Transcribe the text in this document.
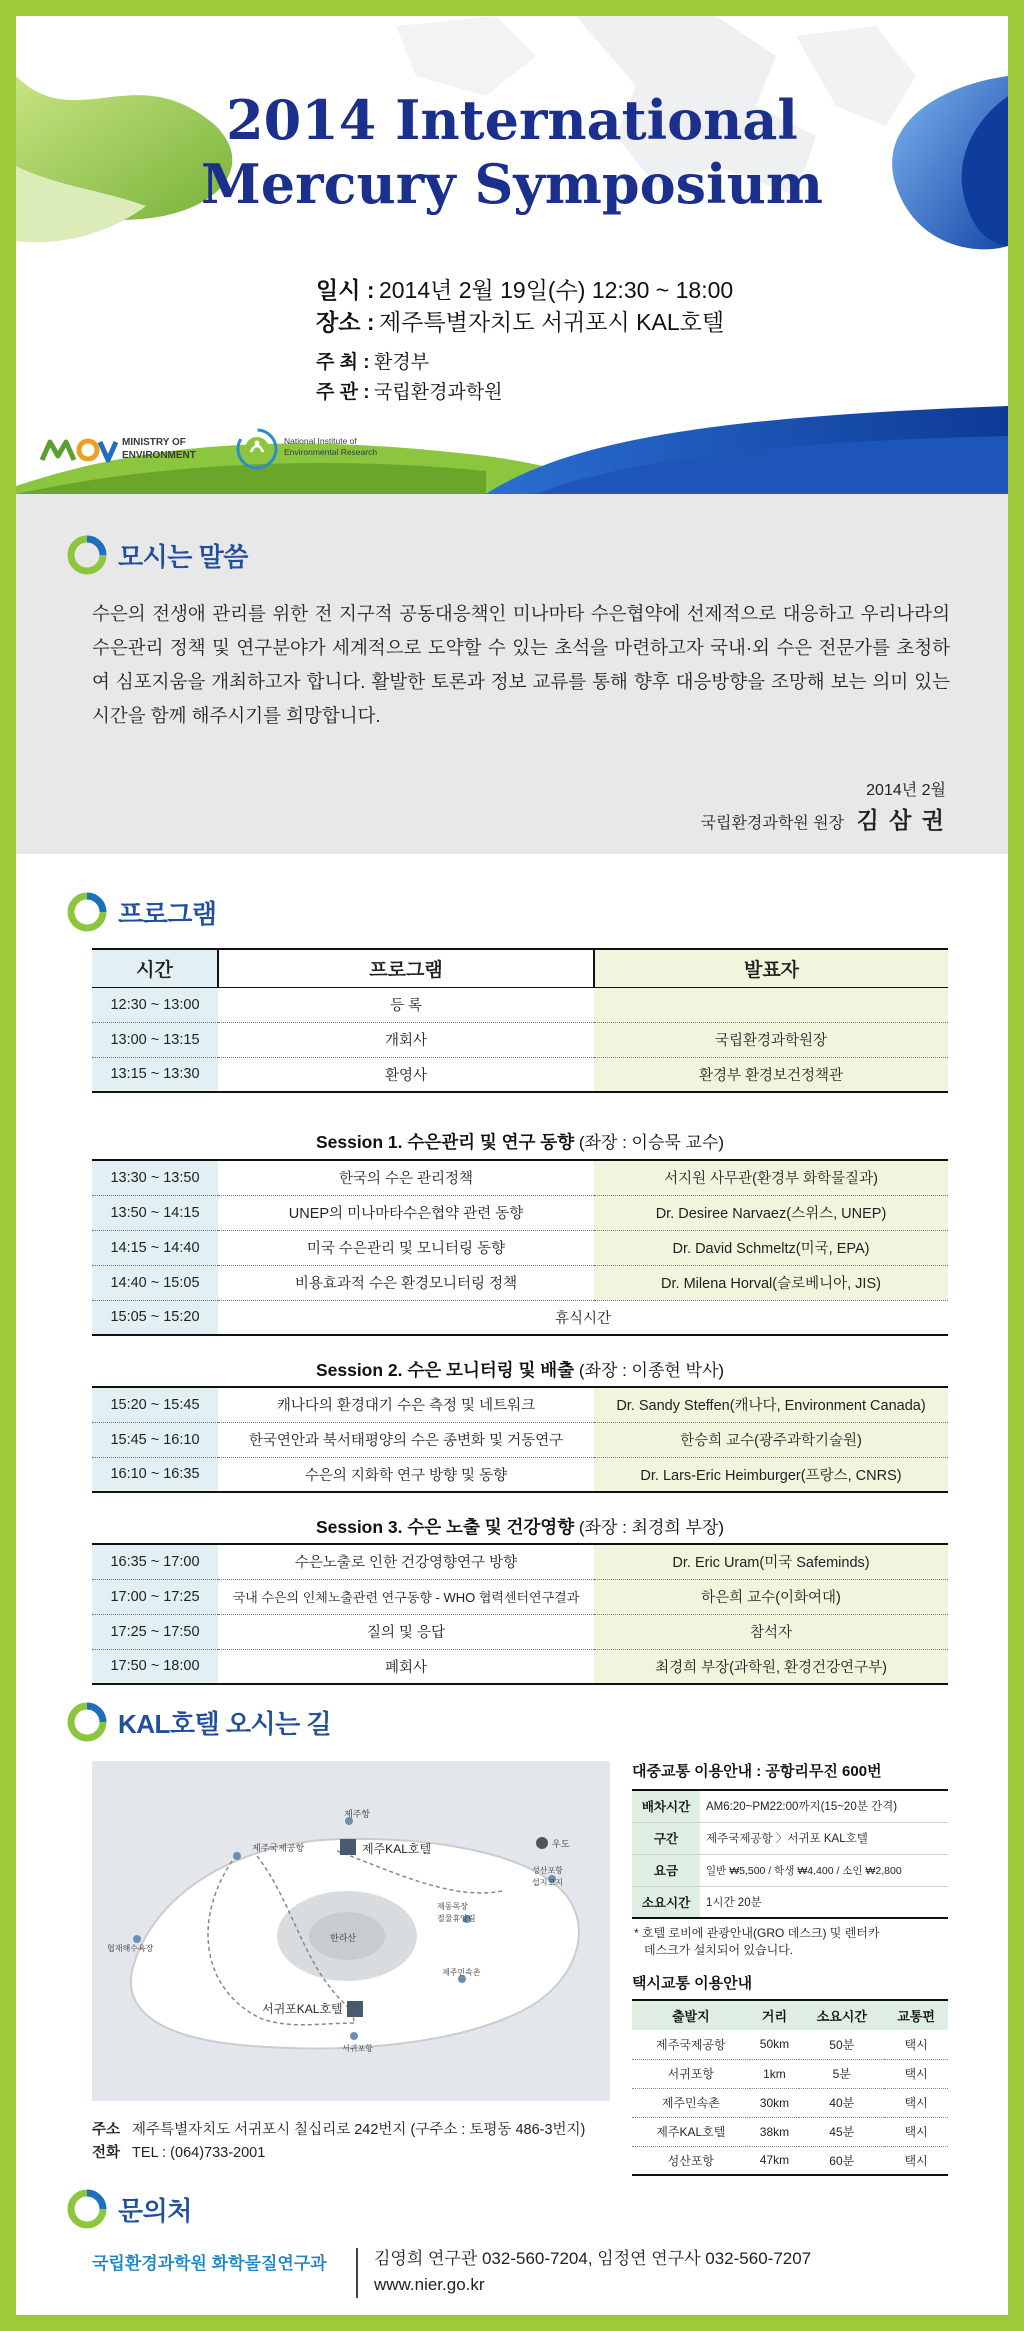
2014 International
Mercury Symposium
일시 : 2014년 2월 19일(수) 12:30 ~ 18:00
장소 : 제주특별자치도 서귀포시 KAL호텔
주 최 : 환경부
주 관 : 국립환경과학원
MINISTRY OF
ENVIRONMENT
National Institute of
Environmental Research
모시는 말씀

수은의 전생애 관리를 위한 전 지구적 공동대응책인 미나마타 수은협약에 선제적으로 대응하고 우리나라의 수은관리 정책 및 연구분야가 세계적으로 도약할 수 있는 초석을 마련하고자 국내·외 수은 전문가를 초청하여 심포지움을 개최하고자 합니다. 활발한 토론과 정보 교류를 통해 향후 대응방향을 조망해 보는 의미 있는 시간을 함께 해주시기를 희망합니다.

2014년 2월
국립환경과학원 원장 김 삼 권
프로그램
시간	프로그램	발표자
12:30 ~ 13:00	등 록	
13:00 ~ 13:15	개회사	국립환경과학원장
13:15 ~ 13:30	환영사	환경부 환경보건정책관
Session 1. 수은관리 및 연구 동향 (좌장 : 이승묵 교수)
13:30 ~ 13:50	한국의 수은 관리정책	서지원 사무관(환경부 화학물질과)
13:50 ~ 14:15	UNEP의 미나마타수은협약 관련 동향	Dr. Desiree Narvaez(스위스, UNEP)
14:15 ~ 14:40	미국 수은관리 및 모니터링 동향	Dr. David Schmeltz(미국, EPA)
14:40 ~ 15:05	비용효과적 수은 환경모니터링 정책	Dr. Milena Horval(슬로베니아, JIS)
15:05 ~ 15:20	휴식시간	
Session 2. 수은 모니터링 및 배출 (좌장 : 이종현 박사)
15:20 ~ 15:45	캐나다의 환경대기 수은 측정 및 네트워크	Dr. Sandy Steffen(캐나다, Environment Canada)
15:45 ~ 16:10	한국연안과 북서태평양의 수은 종변화 및 거동연구	한승희 교수(광주과학기술원)
16:10 ~ 16:35	수은의 지화학 연구 방향 및 동향	Dr. Lars-Eric Heimburger(프랑스, CNRS)
Session 3. 수은 노출 및 건강영향 (좌장 : 최경희 부장)
16:35 ~ 17:00	수은노출로 인한 건강영향연구 방향	Dr. Eric Uram(미국 Safeminds)
17:00 ~ 17:25	국내 수은의 인체노출관련 연구동향 - WHO 협력센터연구결과	하은희 교수(이화여대)
17:25 ~ 17:50	질의 및 응답	참석자
17:50 ~ 18:00	폐회사	최경희 부장(과학원, 환경건강연구부)
KAL호텔 오시는 길
제주항
제주국제공항	제주KAL호텔	우도
성산포항
섭지코지
한라산
협재해수욕장
제동목장
절물휴양림
제주민속촌
서귀포KAL호텔
서귀포항
주소 제주특별자치도 서귀포시 칠십리로 242번지 (구주소 : 토평동 486-3번지)
전화 TEL : (064)733-2001
대중교통 이용안내 : 공항리무진 600번
배차시간	AM6:20~PM22:00까지(15~20분 간격)
구간	제주국제공항 〉서귀포 KAL호텔
요금	일반 ₩5,500 / 학생 ₩4,400 / 소인 ₩2,800
소요시간	1시간 20분
* 호텔 로비에 관광안내(GRO 데스크) 및 렌터카
데스크가 설치되어 있습니다.
택시교통 이용안내
출발지	거리	소요시간	교통편
제주국제공항	50km	50분	택시
서귀포항	1km	5분	택시
제주민속촌	30km	40분	택시
제주KAL호텔	38km	45분	택시
성산포항	47km	60분	택시
문의처
국립환경과학원 화학물질연구과	김영희 연구관 032-560-7204, 임정연 연구사 032-560-7207
www.nier.go.kr
